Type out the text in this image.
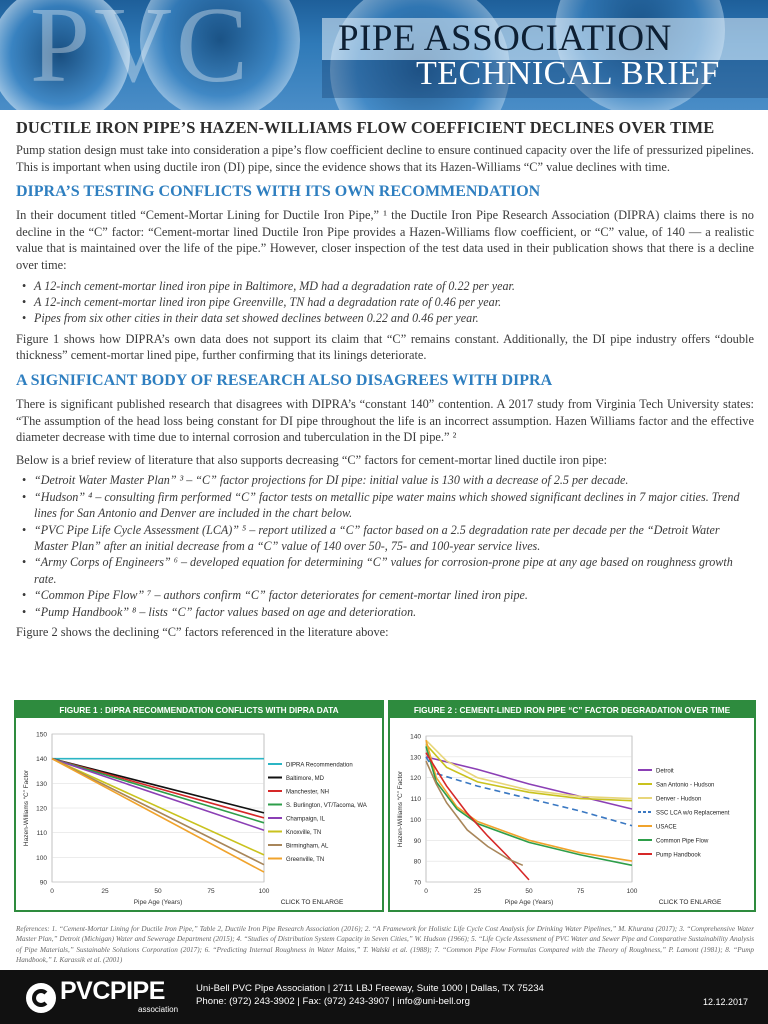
PVC PIPE ASSOCIATION
TECHNICAL BRIEF
DUCTILE IRON PIPE’S HAZEN-WILLIAMS FLOW COEFFICIENT DECLINES OVER TIME

Pump station design must take into consideration a pipe’s flow coefficient decline to ensure continued capacity over the life of pressurized pipelines. This is important when using ductile iron (DI) pipe, since the evidence shows that its Hazen-Williams “C” value declines with time.

DIPRA’S TESTING CONFLICTS WITH ITS OWN RECOMMENDATION

In their document titled “Cement-Mortar Lining for Ductile Iron Pipe,” ¹ the Ductile Iron Pipe Research Association (DIPRA) claims there is no decline in the “C” factor: “Cement-mortar lined Ductile Iron Pipe provides a Hazen-Williams flow coefficient, or “C” value, of 140 — a realistic value that is maintained over the life of the pipe.” However, closer inspection of the test data used in their publication shows that there is a decline over time:

• A 12-inch cement-mortar lined iron pipe in Baltimore, MD had a degradation rate of 0.22 per year.
• A 12-inch cement-mortar lined iron pipe Greenville, TN had a degradation rate of 0.46 per year.
• Pipes from six other cities in their data set showed declines between 0.22 and 0.46 per year.

Figure 1 shows how DIPRA’s own data does not support its claim that “C” remains constant. Additionally, the DI pipe industry offers “double thickness” cement-mortar lined pipe, further confirming that its linings deteriorate.

A SIGNIFICANT BODY OF RESEARCH ALSO DISAGREES WITH DIPRA

There is significant published research that disagrees with DIPRA’s “constant 140” contention. A 2017 study from Virginia Tech University states: “The assumption of the head loss being constant for DI pipe throughout the life is an incorrect assumption. Hazen Williams factor and the effective diameter decrease with time due to internal corrosion and tuberculation in the DI pipe.” ²

Below is a brief review of literature that also supports decreasing “C” factors for cement-mortar lined ductile iron pipe:

• “Detroit Water Master Plan” ³ – “C” factor projections for DI pipe: initial value is 130 with a decrease of 2.5 per decade.
• “Hudson” ⁴ – consulting firm performed “C” factor tests on metallic pipe water mains which showed significant declines in 7 major cities. Trend lines for San Antonio and Denver are included in the chart below.
• “PVC Pipe Life Cycle Assessment (LCA)” ⁵ – report utilized a “C” factor based on a 2.5 degradation rate per decade per the “Detroit Water Master Plan” after an initial decrease from a “C” value of 140 over 50-, 75- and 100-year service lives.
• “Army Corps of Engineers” ⁶ – developed equation for determining “C” values for corrosion-prone pipe at any age based on roughness growth rate.
• “Common Pipe Flow” ⁷ – authors confirm “C” factor deteriorates for cement-mortar lined iron pipe.
• “Pump Handbook” ⁸ – lists “C” factor values based on age and deterioration.

Figure 2 shows the declining “C” factors referenced in the literature above:

FIGURE 1 : DIPRA RECOMMENDATION CONFLICTS WITH DIPRA DATA
90
100
110
120
130
140
150
0	25	50	75	100
Pipe Age (Years)
Hazen-Williams “C” Factor
DIPRA Recommendation
Baltimore, MD
Manchester, NH
S. Burlington, VT/Tacoma, WA
Champaign, IL
Knoxville, TN
Birmingham, AL
Greenville, TN
CLICK TO ENLARGE
FIGURE 2 : CEMENT-LINED IRON PIPE “C” FACTOR DEGRADATION OVER TIME
70
80
90
100
110
120
130
140
0	25	50	75	100
Pipe Age (Years)
Hazen-Williams “C” Factor	Detroit
San Antonio - Hudson
Denver - Hudson
SSC LCA w/o Replacement
USACE
Common Pipe Flow
Pump Handbook
CLICK TO ENLARGE
References: 1. “Cement-Mortar Lining for Ductile Iron Pipe,” Table 2, Ductile Iron Pipe Research Association (2016); 2. “A Framework for Holistic Life Cycle Cost Analysis for Drinking Water Pipelines,” M. Khurana (2017); 3. “Comprehensive Water Master Plan,” Detroit (Michigan) Water and Sewerage Department (2015); 4. “Studies of Distribution System Capacity in Seven Cities,” W. Hudson (1966); 5. “Life Cycle Assessment of PVC Water and Sewer Pipe and Comparative Sustainability Analysis of Pipe Materials,” Sustainable Solutions Corporation (2017); 6. “Predicting Internal Roughness in Water Mains,” T. Walski et al. (1988); 7. “Common Pipe Flow Formulas Compared with the Theory of Roughness,” P. Lamont (1981); 8. “Pump Handbook,” I. Karassik et al. (2001)
PVCPIPE
association
Uni-Bell PVC Pipe Association | 2711 LBJ Freeway, Suite 1000 | Dallas, TX 75234
Phone: (972) 243-3902 | Fax: (972) 243-3907 | info@uni-bell.org	12.12.2017
